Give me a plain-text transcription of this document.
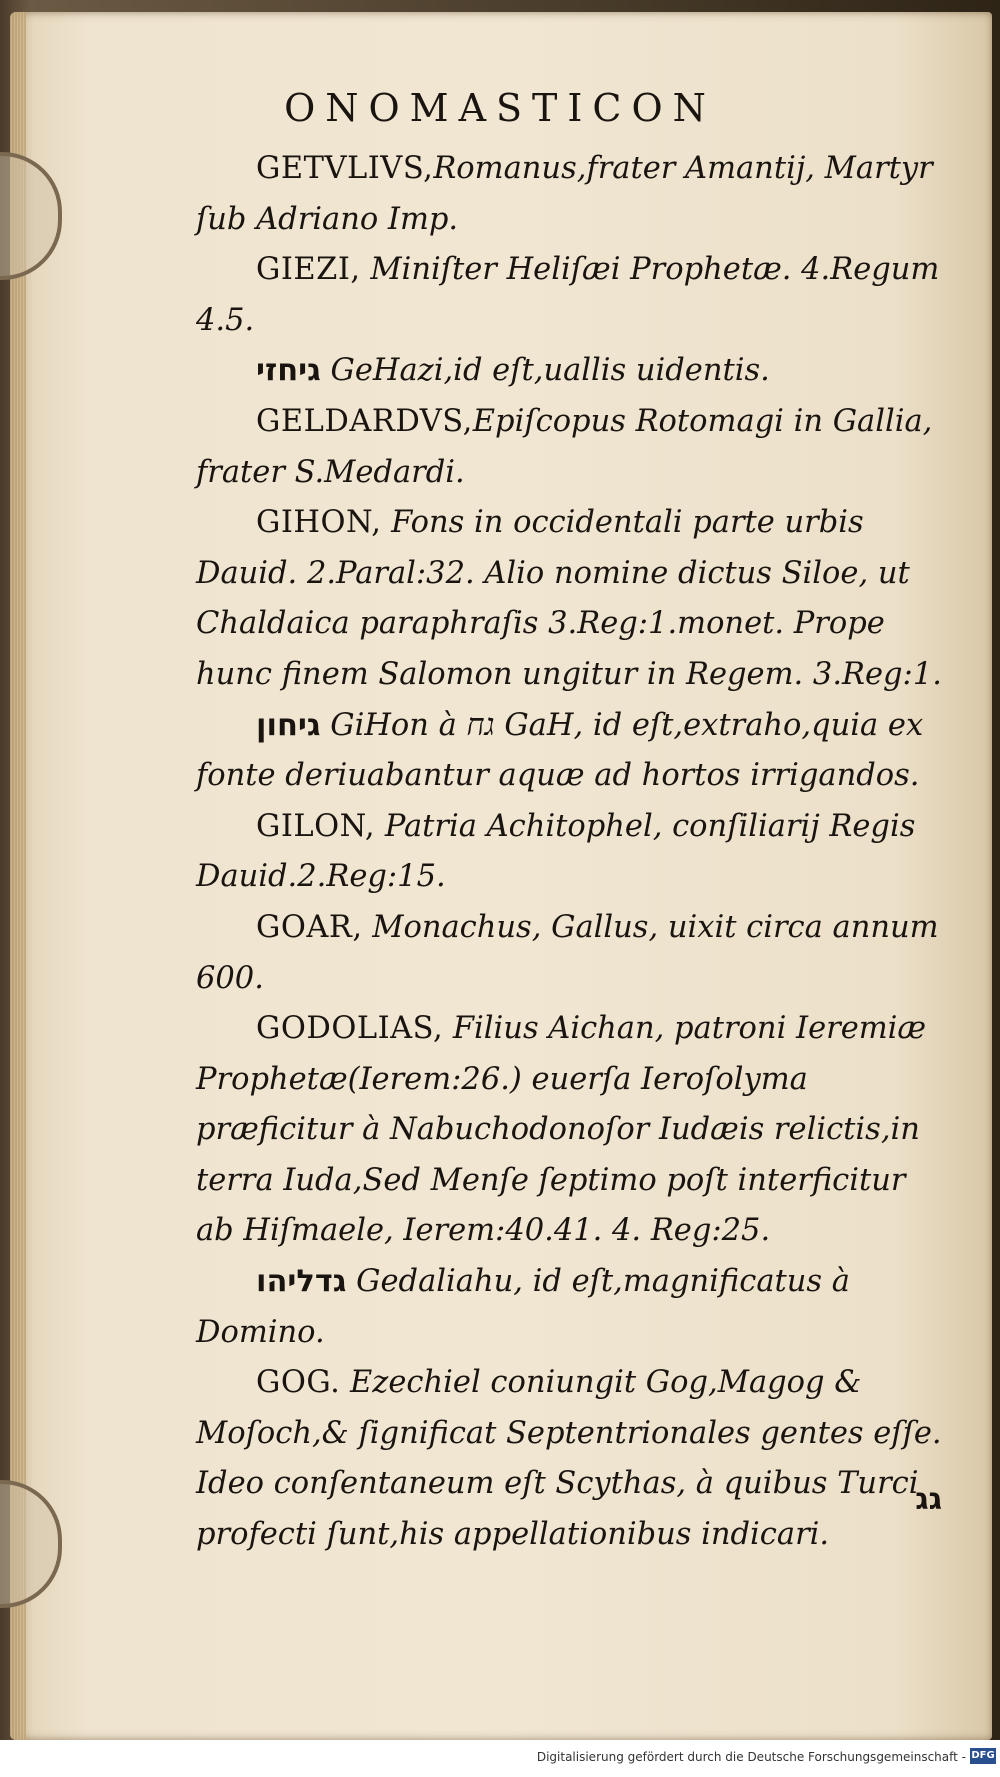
ONOMASTICON

GETVLIVS,Romanus,frater Amantij, Martyr ſub Adriano Imp.

GIEZI, Miniſter Heliſæi Prophetæ. 4.Regum 4.5.

גיחזי GeHazi,id eſt,uallis uidentis.

GELDARDVS,Epiſcopus Rotomagi in Gallia, frater S.Medardi.

GIHON, Fons in occidentali parte urbis Dauid. 2.Paral:32. Alio nomine dictus Siloe, ut Chaldaica paraphraſis 3.Reg:1.monet. Prope hunc finem Salomon ungitur in Regem. 3.Reg:1.

גיחון GiHon à גח GaH, id eſt,extraho,quia ex fonte deriuabantur aquæ ad hortos irrigandos.

GILON, Patria Achitophel, conſiliarij Regis Dauid.2.Reg:15.

GOAR, Monachus, Gallus, uixit circa annum 600.

GODOLIAS, Filius Aichan, patroni Ieremiæ Prophetæ(Ierem:26.) euerſa Ieroſolyma præficitur à Nabuchodonoſor Iudæis relictis,in terra Iuda,Sed Menſe ſeptimo poſt interficitur ab Hiſmaele, Ierem:40.41. 4. Reg:25.

גדליהו Gedaliahu, id eſt,magnificatus à Domino.

GOG. Ezechiel coniungit Gog,Magog & Moſoch,& ſignificat Septentrionales gentes eſſe. Ideo conſentaneum eſt Scythas, à quibus Turci profecti ſunt,his appellationibus indicari.

גג
Digitalisierung gefördert durch die Deutsche Forschungsgemeinschaft - DFG
